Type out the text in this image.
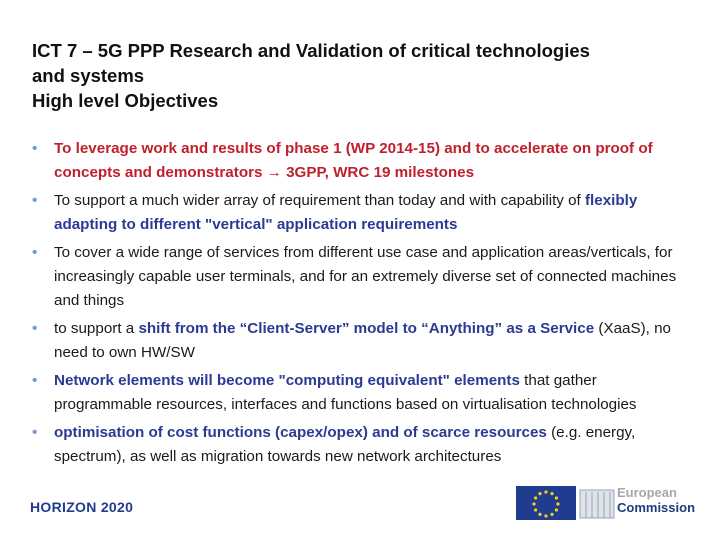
ICT 7 – 5G PPP Research and Validation of critical technologies
and systems
High level Objectives
• To leverage work and results of phase 1 (WP 2014-15) and to accelerate on proof of concepts and demonstrators → 3GPP, WRC 19 milestones
• To support a much wider array of requirement than today and with capability of flexibly adapting to different "vertical" application requirements
• To cover a wide range of services from different use case and application areas/verticals, for increasingly capable user terminals, and for an extremely diverse set of connected machines and things
• to support a shift from the “Client-Server” model to “Anything” as a Service (XaaS), no need to own HW/SW
• Network elements will become "computing equivalent" elements that gather programmable resources, interfaces and functions based on virtualisation technologies
• optimisation of cost functions (capex/opex) and of scarce resources (e.g. energy, spectrum), as well as migration towards new network architectures
HORIZON 2020
European
Commission
